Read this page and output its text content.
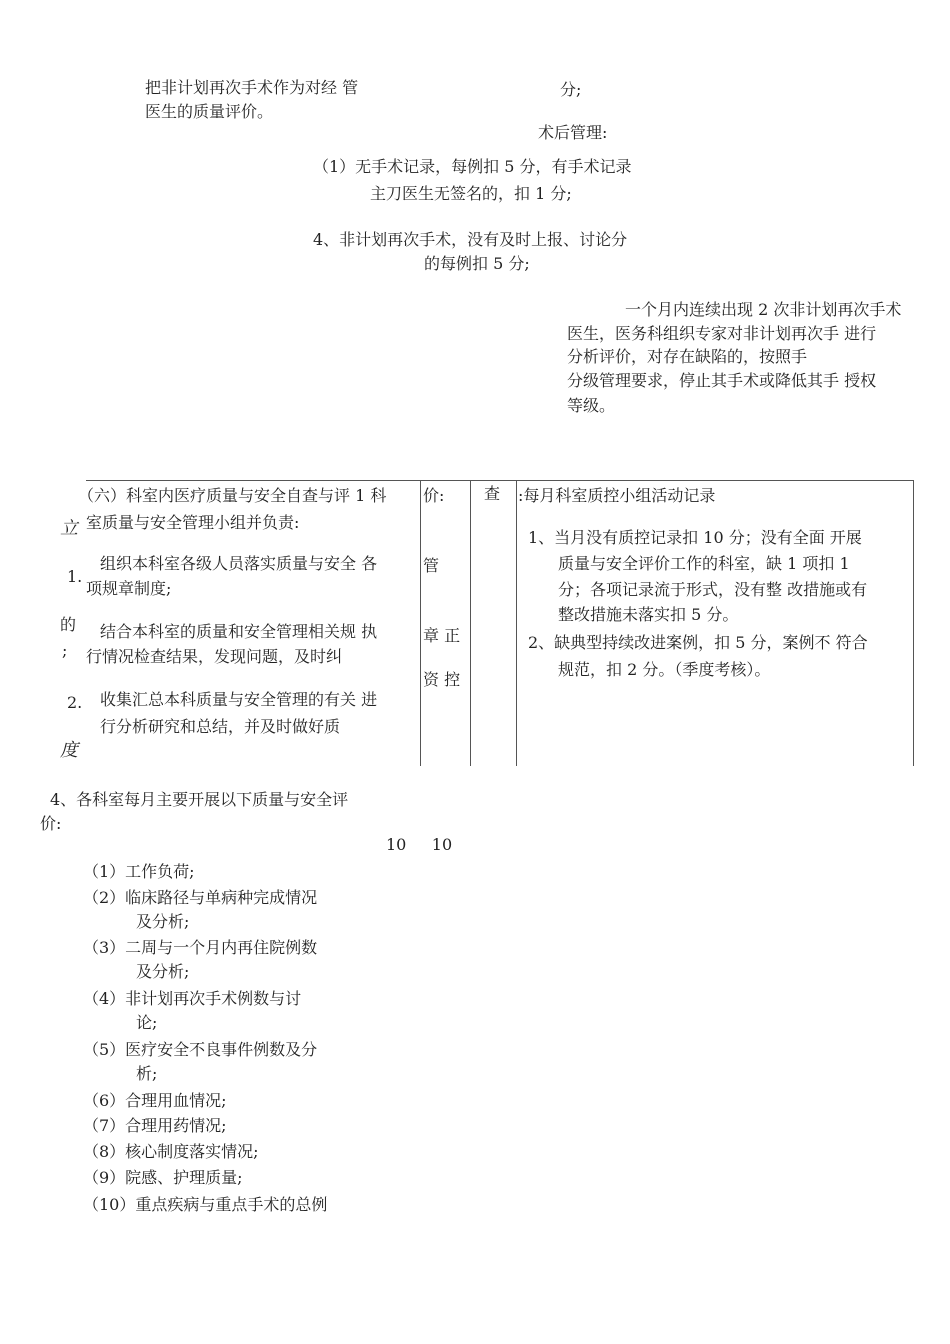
把非计划再次手术作为对经 管
医生的质量评价。
分;
术后管理:
（1）无手术记录，每例扣 5 分，有手术记录
主刀医生无签名的，扣 1 分;
4、非计划再次手术，没有及时上报、讨论分
的每例扣 5 分;
一个月内连续出现 2 次非计划再次手术
医生，医务科组织专家对非计划再次手 进行
分析评价，对存在缺陷的，按照手
分级管理要求，停止其手术或降低其手 授权
等级。
立
1.
的
;
2.
度
（六）科室内医疗质量与安全自查与评 1 科
室质量与安全管理小组并负责:
组织本科室各级人员落实质量与安全 各
项规章制度;
结合本科室的质量和安全管理相关规 执
行情况检查结果，发现问题，及时纠
收集汇总本科质量与安全管理的有关 进
行分析研究和总结，并及时做好质
价:
管
章 正
资 控
查 :每月科室质控小组活动记录
1、当月没有质控记录扣 10 分；没有全面 开展
质量与安全评价工作的科室，缺 1 项扣 1
分；各项记录流于形式，没有整 改措施或有
整改措施未落实扣 5 分。
2、缺典型持续改进案例，扣 5 分，案例不 符合
规范，扣 2 分。（季度考核）。
4、各科室每月主要开展以下质量与安全评
价:
10     10
（1）工作负荷;
（2）临床路径与单病种完成情况
及分析;
（3）二周与一个月内再住院例数
及分析;
（4）非计划再次手术例数与讨
论;
（5）医疗安全不良事件例数及分
析;
（6）合理用血情况;
（7）合理用药情况;
（8）核心制度落实情况;
（9）院感、护理质量;
（10）重点疾病与重点手术的总例
